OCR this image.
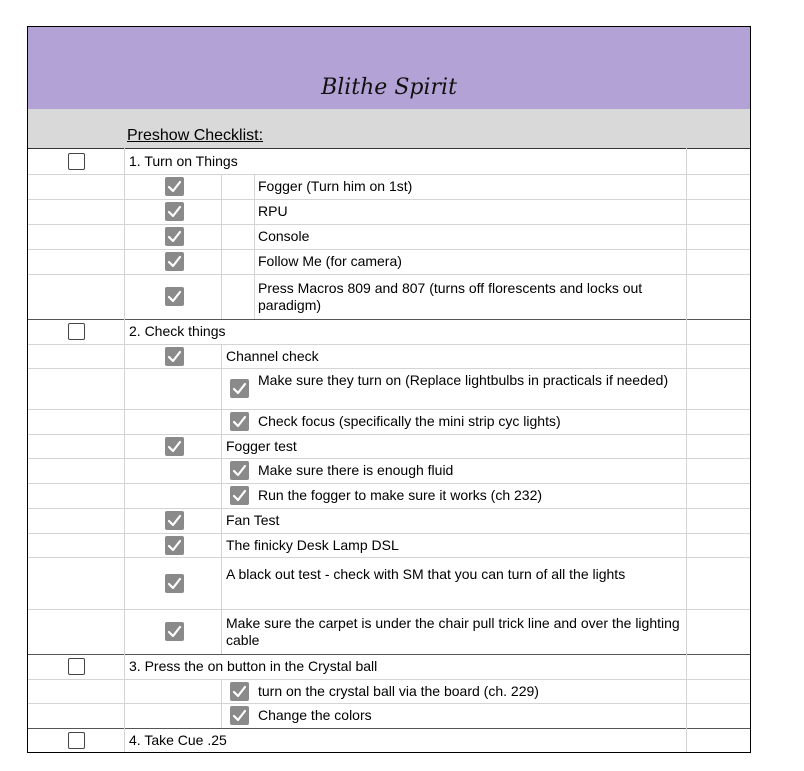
Blithe Spirit
Preshow Checklist:
1. Turn on Things
Fogger (Turn him on 1st)
RPU
Console
Follow Me (for camera)
Press Macros 809 and 807 (turns off florescents and locks out paradigm)
2. Check things
Channel check
Make sure they turn on (Replace lightbulbs in practicals if needed)
Check focus (specifically the mini strip cyc lights)
Fogger test
Make sure there is enough fluid
Run the fogger to make sure it works (ch 232)
Fan Test
The finicky Desk Lamp DSL
A black out test - check with SM that you can turn of all the lights
Make sure the carpet is under the chair pull trick line and over the lighting cable
3. Press the on button in the Crystal ball
turn on the crystal ball via the board (ch. 229)
Change the colors
4. Take Cue .25
